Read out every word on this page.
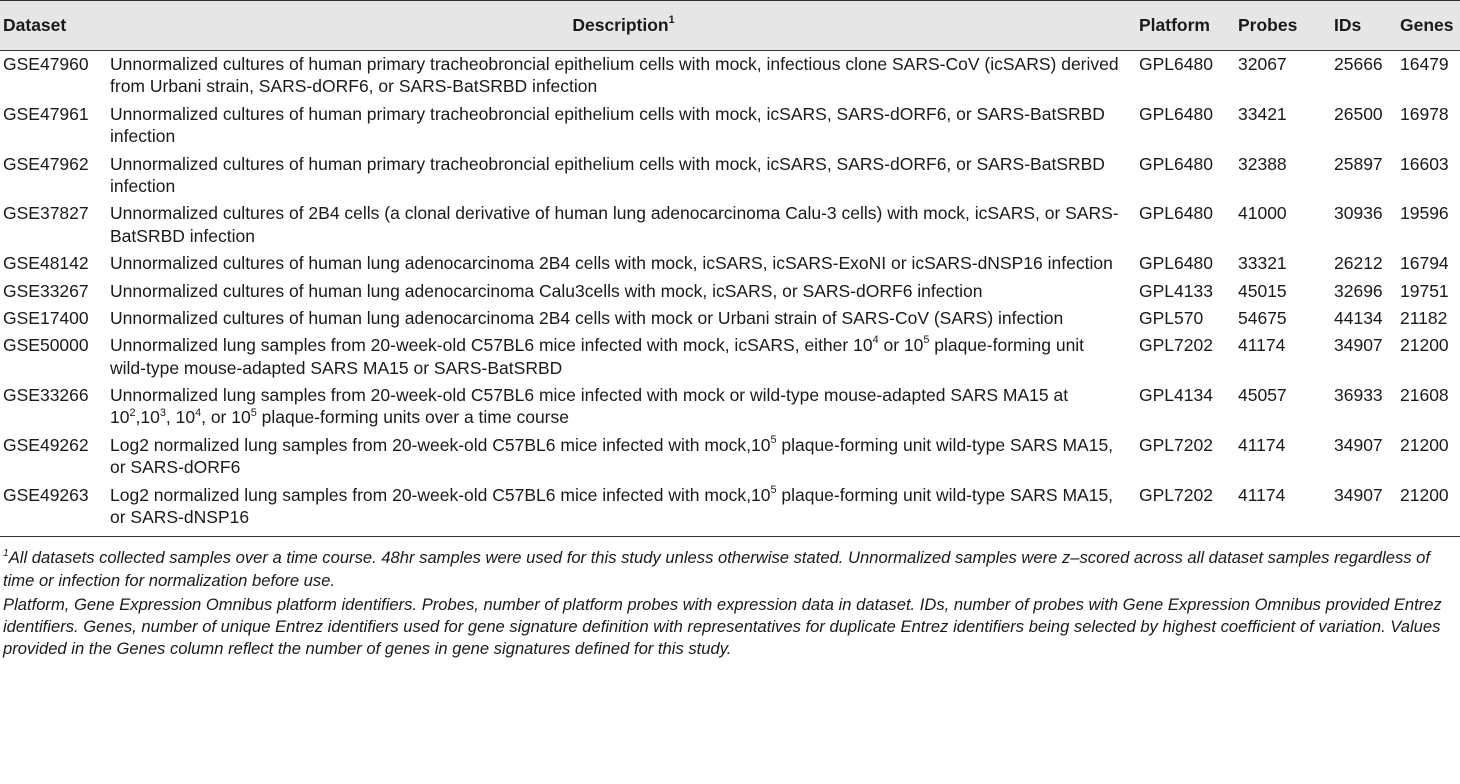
Dataset	Description$^1$	Platform	Probes	IDs	Genes
GSE47960	Unnormalized cultures of human primary tracheobroncial epithelium cells with mock, infectious clone SARS-CoV (icSARS) derived from Urbani strain, SARS-dORF6, or SARS-BatSRBD infection	GPL6480	32067	25666	16479
GSE47961	Unnormalized cultures of human primary tracheobroncial epithelium cells with mock, icSARS, SARS-dORF6, or SARS-BatSRBD infection	GPL6480	33421	26500	16978
GSE47962	Unnormalized cultures of human primary tracheobroncial epithelium cells with mock, icSARS, SARS-dORF6, or SARS-BatSRBD infection	GPL6480	32388	25897	16603
GSE37827	Unnormalized cultures of 2B4 cells (a clonal derivative of human lung adenocarcinoma Calu-3 cells) with mock, icSARS, or SARS-BatSRBD infection	GPL6480	41000	30936	19596
GSE48142	Unnormalized cultures of human lung adenocarcinoma 2B4 cells with mock, icSARS, icSARS-ExoNI or icSARS-dNSP16 infection	GPL6480	33321	26212	16794
GSE33267	Unnormalized cultures of human lung adenocarcinoma Calu3cells with mock, icSARS, or SARS-dORF6 infection	GPL4133	45015	32696	19751
GSE17400	Unnormalized cultures of human lung adenocarcinoma 2B4 cells with mock or Urbani strain of SARS-CoV (SARS) infection	GPL570	54675	44134	21182
GSE50000	Unnormalized lung samples from 20-week-old C57BL6 mice infected with mock, icSARS, either $10^4$ or $10^5$ plaque-forming unit wild-type mouse-adapted SARS MA15 or SARS-BatSRBD	GPL7202	41174	34907	21200
GSE33266	Unnormalized lung samples from 20-week-old C57BL6 mice infected with mock or wild-type mouse-adapted SARS MA15 at $10^2,10^3$, $10^4$, or $10^5$ plaque-forming units over a time course	GPL4134	45057	36933	21608
GSE49262	Log2 normalized lung samples from 20-week-old C57BL6 mice infected with $mock,10^5$ plaque-forming unit wild-type SARS MA15, or SARS-dORF6	GPL7202	41174	34907	21200
GSE49263	Log2 normalized lung samples from 20-week-old C57BL6 mice infected with $mock,10^5$ plaque-forming unit wild-type SARS MA15, or SARS-dNSP16	GPL7202	41174	34907	21200

$^1$All datasets collected samples over a time course. 48hr samples were used for this study unless otherwise stated. Unnormalized samples were z–scored across all dataset samples regardless of time or infection for normalization before use.

Platform, Gene Expression Omnibus platform identifiers. Probes, number of platform probes with expression data in dataset. IDs, number of probes with Gene Expression Omnibus provided Entrez identifiers. Genes, number of unique Entrez identifiers used for gene signature definition with representatives for duplicate Entrez identifiers being selected by highest coefficient of variation. Values provided in the Genes column reflect the number of genes in gene signatures defined for this study.
